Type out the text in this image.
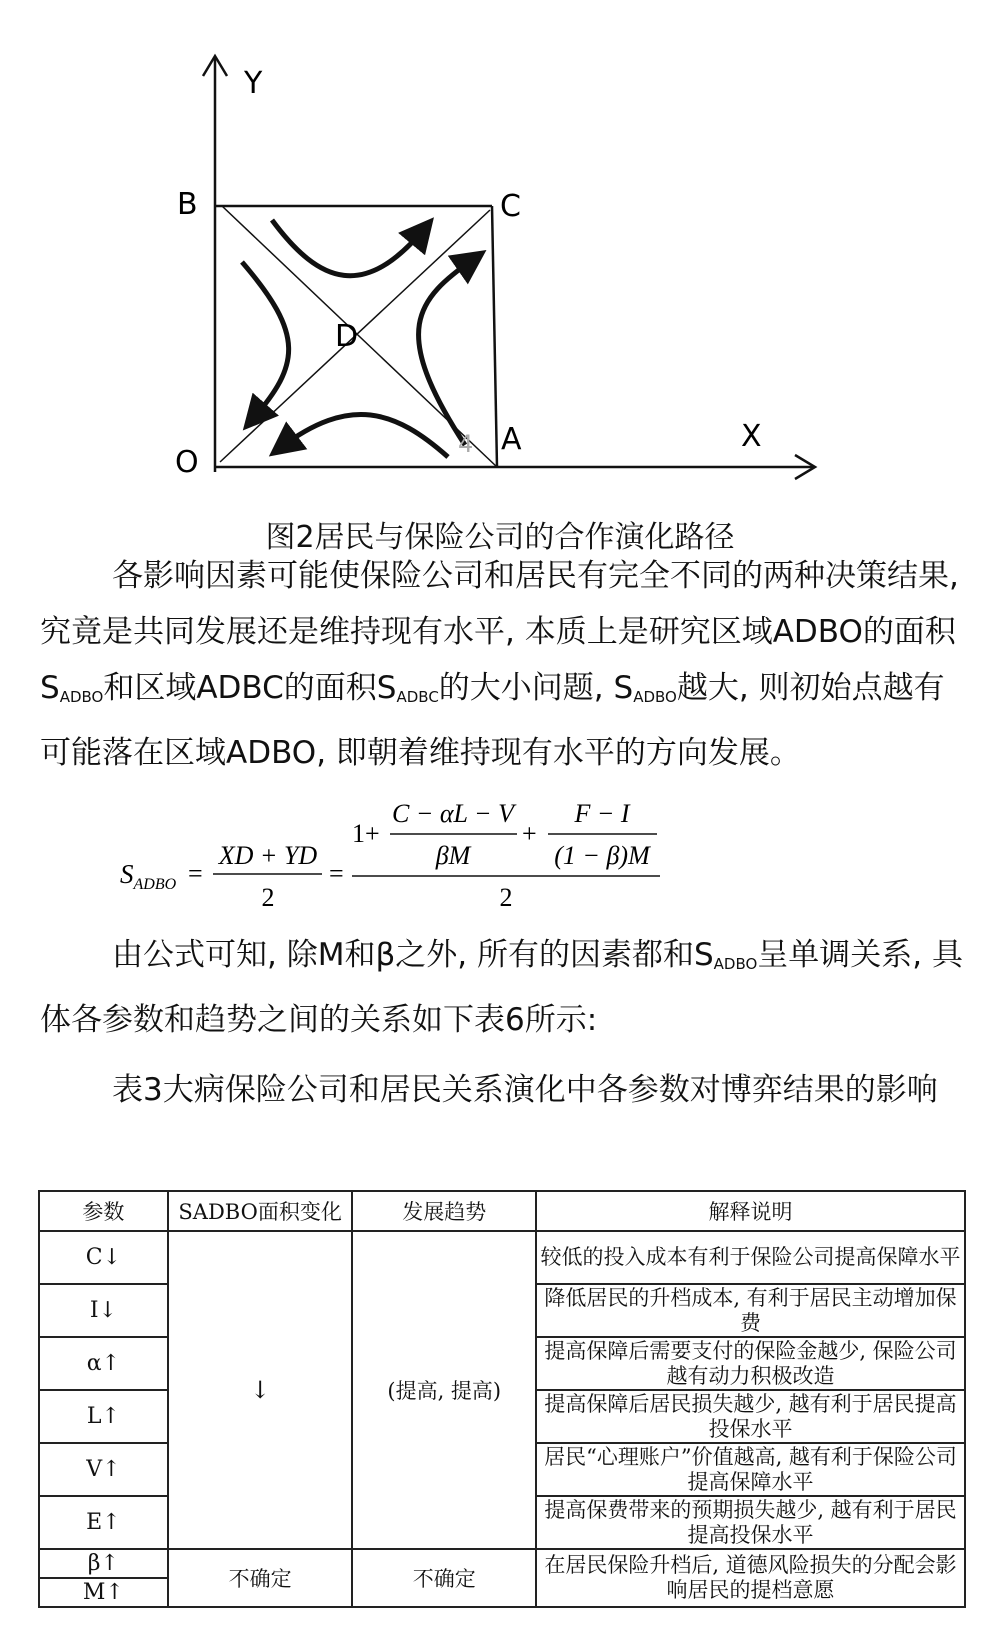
Y
B	C
D
O
4 A	X
图2居民与保险公司的合作演化路径
各影响因素可能使保险公司和居民有完全不同的两种决策结果, 究竟是共同发展还是维持现有水平, 本质上是研究区域ADBO的面积$S_{ADBO}$和区域ADBC的面积$S_{ADBC}$的大小问题, $S_{ADBO}$越大, 则初始点越有可能落在区域ADBO, 即朝着维持现有水平的方向发展。
$S_{ADBO}$ =
XD + YD
2
=
1+
C − αL − V
βM
+
F − I
(1 − β)M
2
由公式可知, 除M和β之外, 所有的因素都和$S_{ADBO}$呈单调关系, 具体各参数和趋势之间的关系如下表6所示:
表3大病保险公司和居民关系演化中各参数对博弈结果的影响
参数	SADBO面积变化	发展趋势	解释说明
C↓	↓	(提高, 提高)	较低的投入成本有利于保险公司提高保障水平
I↓			降低居民的升档成本, 有利于居民主动增加保费
α↑			提高保障后需要支付的保险金越少, 保险公司越有动力积极改造
L↑			提高保障后居民损失越少, 越有利于居民提高投保水平
V↑			居民“心理账户”价值越高, 越有利于保险公司提高保障水平
E↑			提高保费带来的预期损失越少, 越有利于居民提高投保水平
β↑	不确定	不确定	在居民保险升档后, 道德风险损失的分配会影响居民的提档意愿
M↑			
